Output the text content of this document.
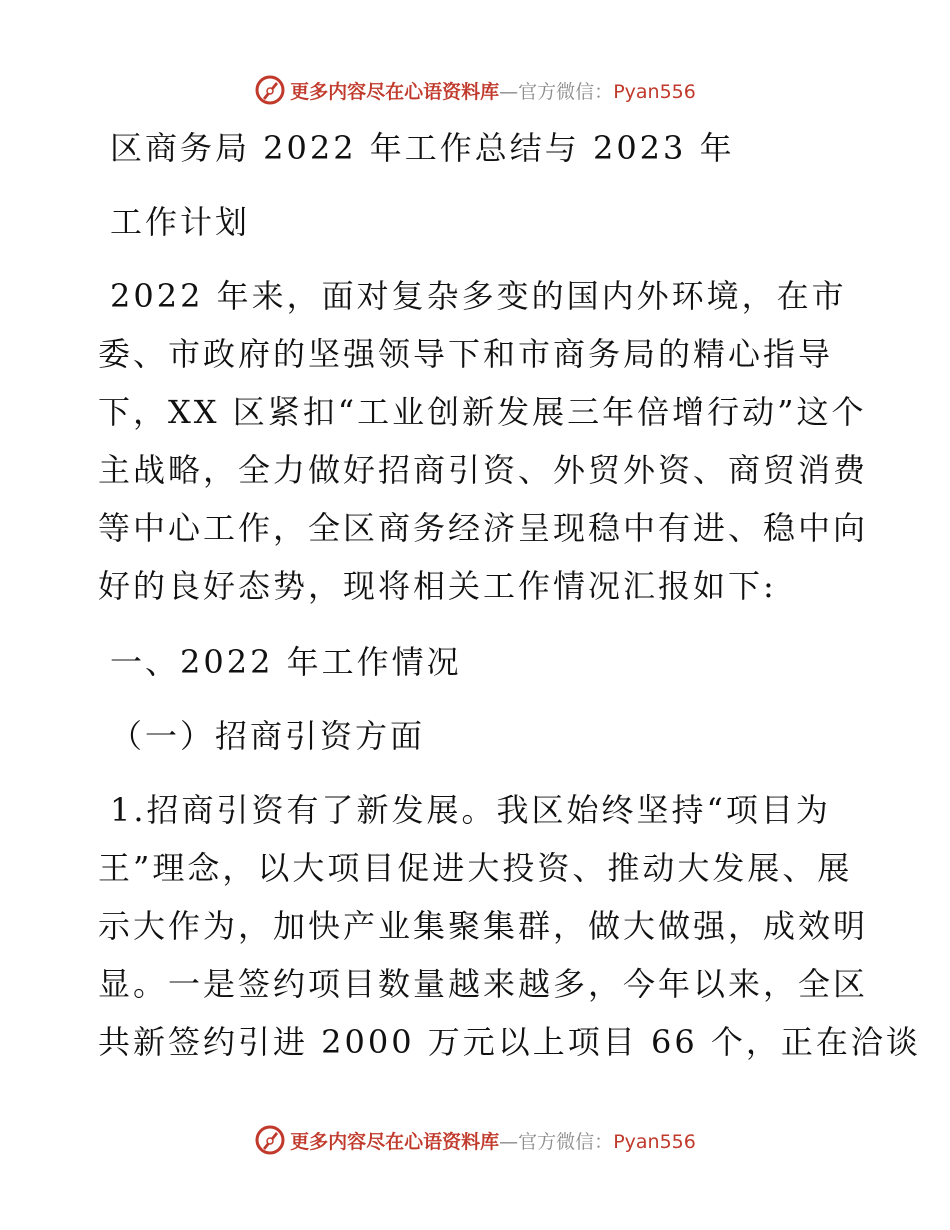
更多内容尽在心语资料库—官方微信：Pyan556
区商务局 2022 年工作总结与 2023 年
工作计划
2022 年来，面对复杂多变的国内外环境，在市
委、市政府的坚强领导下和市商务局的精心指导
下，XX 区紧扣“工业创新发展三年倍增行动”这个
主战略，全力做好招商引资、外贸外资、商贸消费
等中心工作，全区商务经济呈现稳中有进、稳中向
好的良好态势，现将相关工作情况汇报如下:
一、2022 年工作情况
（一）招商引资方面
1.招商引资有了新发展。我区始终坚持“项目为
王”理念，以大项目促进大投资、推动大发展、展
示大作为，加快产业集聚集群，做大做强，成效明
显。一是签约项目数量越来越多，今年以来，全区
共新签约引进 2000 万元以上项目 66 个，正在洽谈
更多内容尽在心语资料库—官方微信：Pyan556
